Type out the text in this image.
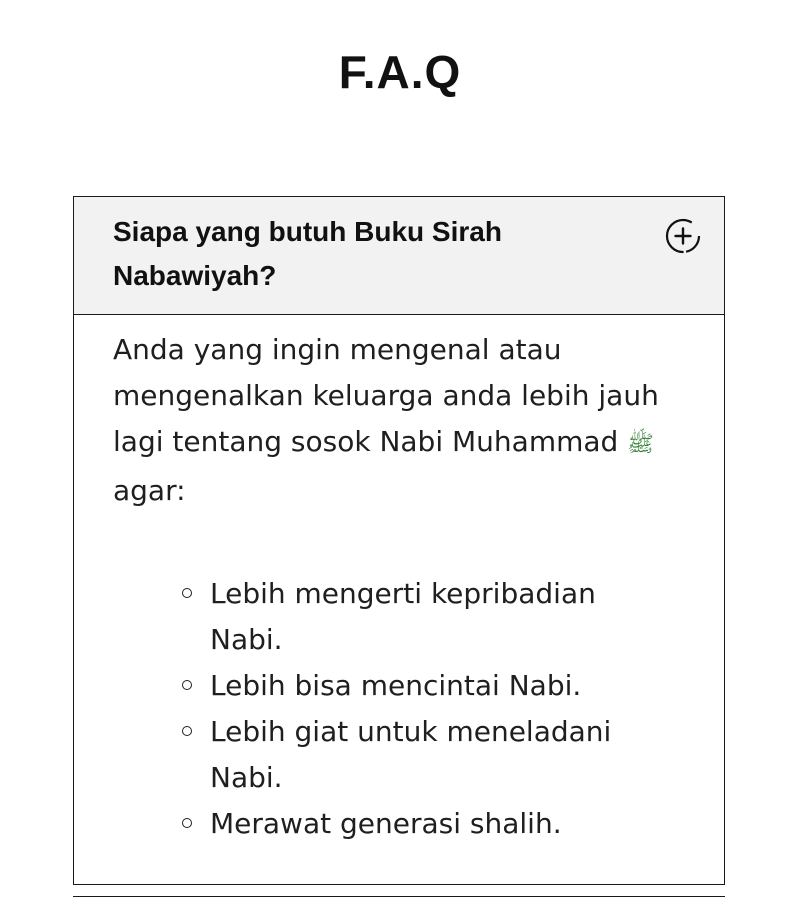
F.A.Q
Siapa yang butuh Buku Sirah Nabawiyah?

Anda yang ingin mengenal atau mengenalkan keluarga anda lebih jauh lagi tentang sosok Nabi Muhammad ﷺ
agar:

Lebih mengerti kepribadian Nabi.
Lebih bisa mencintai Nabi.
Lebih giat untuk meneladani Nabi.
Merawat generasi shalih.
